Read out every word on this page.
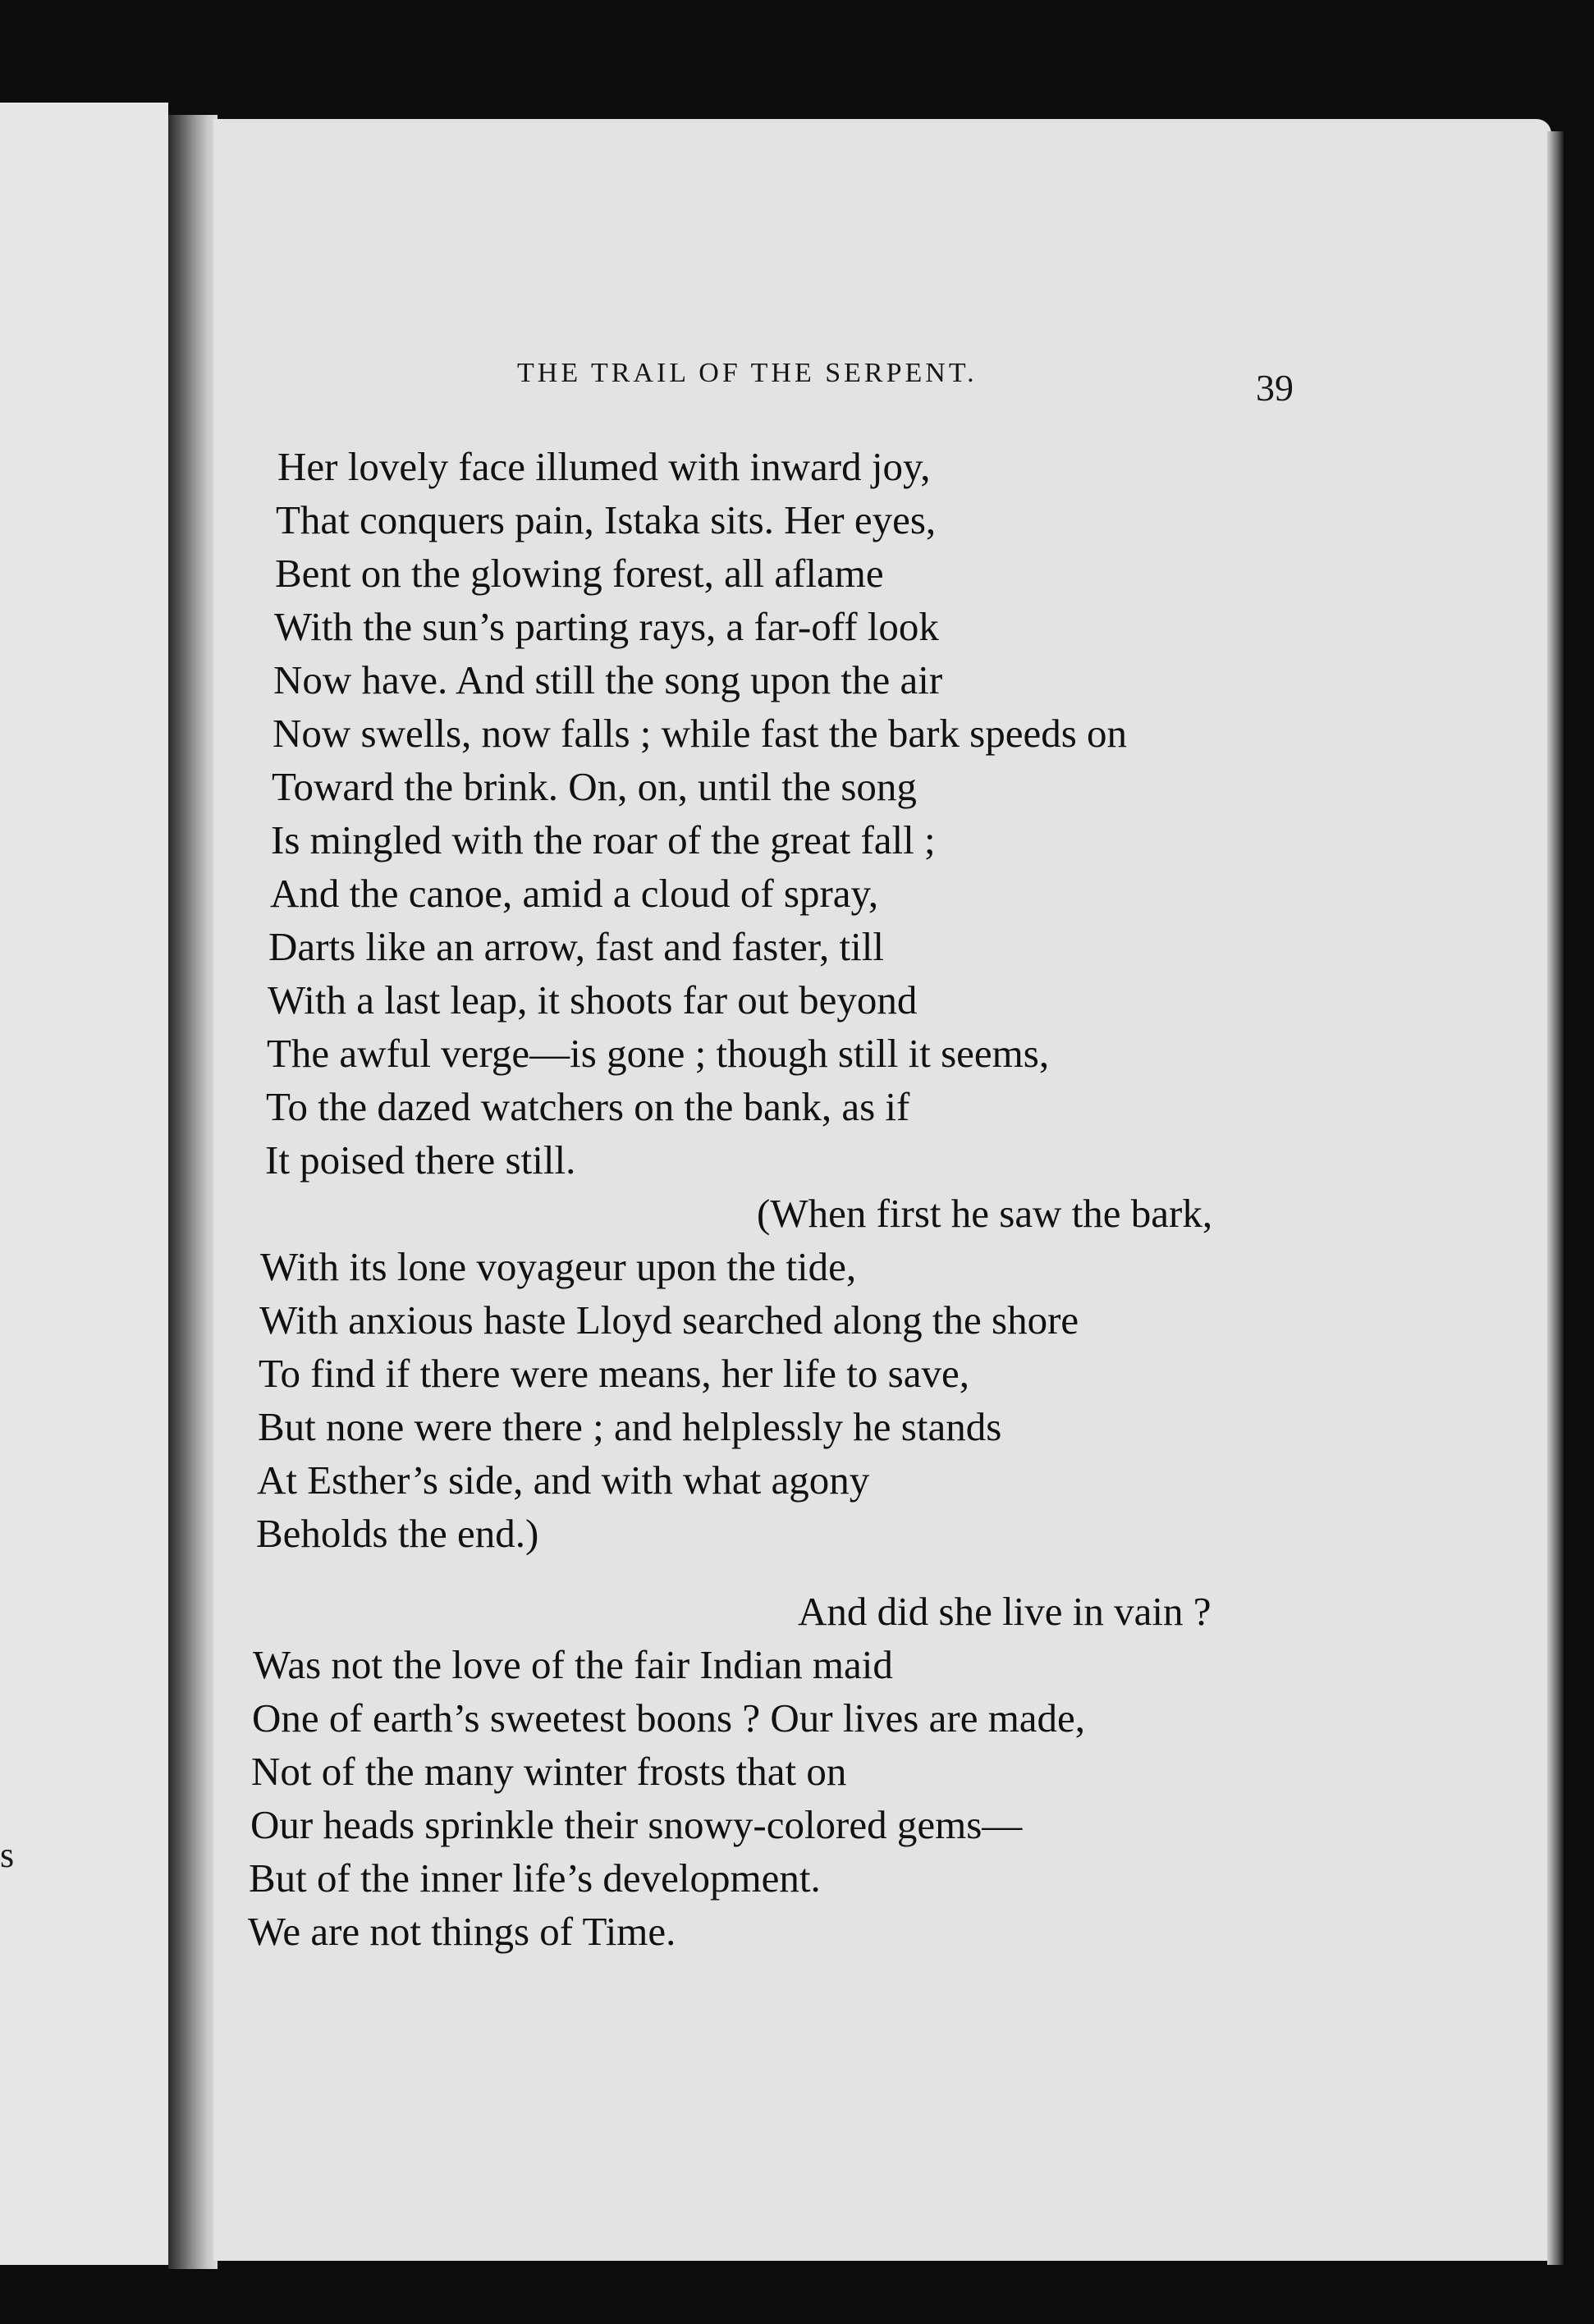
s
THE TRAIL OF THE SERPENT.	39
Her lovely face illumed with inward joy,
That conquers pain, Istaka sits. Her eyes,
Bent on the glowing forest, all aflame
With the sun’s parting rays, a far-off look
Now have. And still the song upon the air
Now swells, now falls ; while fast the bark speeds on
Toward the brink. On, on, until the song
Is mingled with the roar of the great fall ;
And the canoe, amid a cloud of spray,
Darts like an arrow, fast and faster, till
With a last leap, it shoots far out beyond
The awful verge—is gone ; though still it seems,
To the dazed watchers on the bank, as if
It poised there still.
(When first he saw the bark,
With its lone voyageur upon the tide,
With anxious haste Lloyd searched along the shore
To find if there were means, her life to save,
But none were there ; and helplessly he stands
At Esther’s side, and with what agony
Beholds the end.)
And did she live in vain ?
Was not the love of the fair Indian maid
One of earth’s sweetest boons ? Our lives are made,
Not of the many winter frosts that on
Our heads sprinkle their snowy-colored gems—
But of the inner life’s development.
We are not things of Time.
